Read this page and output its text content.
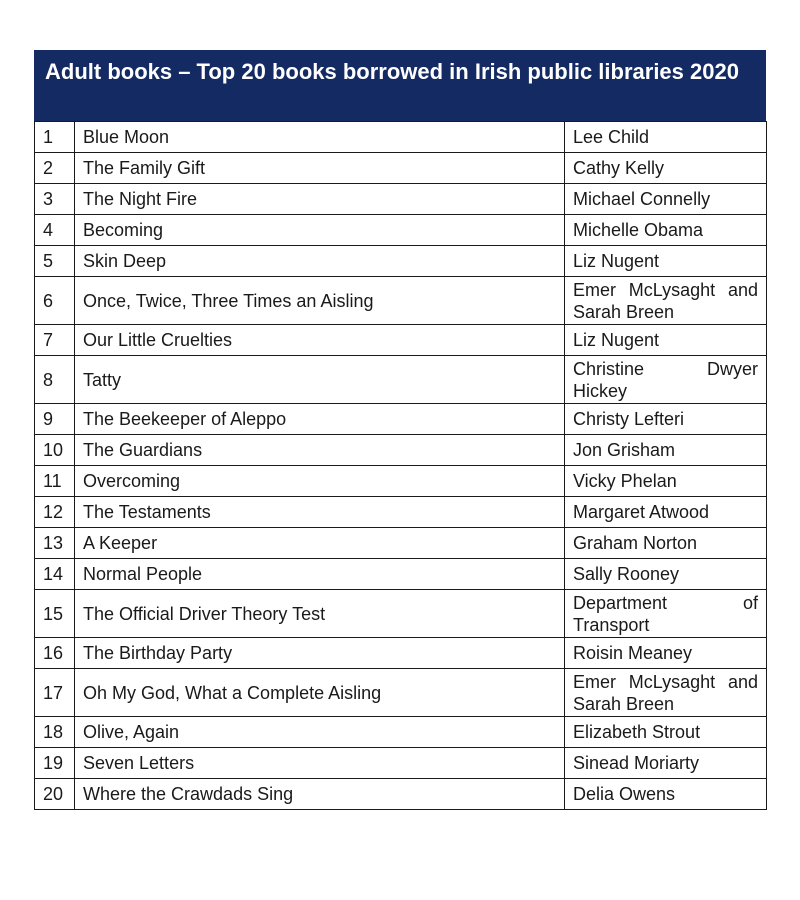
Adult books – Top 20 books borrowed in Irish public libraries 2020
1	Blue Moon	Lee Child
2	The Family Gift	Cathy Kelly
3	The Night Fire	Michael Connelly
4	Becoming	Michelle Obama
5	Skin Deep	Liz Nugent
6	Once, Twice, Three Times an Aisling	Emer McLysaght and Sarah Breen
7	Our Little Cruelties	Liz Nugent
8	Tatty	Christine Dwyer Hickey
9	The Beekeeper of Aleppo	Christy Lefteri
10	The Guardians	Jon Grisham
11	Overcoming	Vicky Phelan
12	The Testaments	Margaret Atwood
13	A Keeper	Graham Norton
14	Normal People	Sally Rooney
15	The Official Driver Theory Test	Department of Transport
16	The Birthday Party	Roisin Meaney
17	Oh My God, What a Complete Aisling	Emer McLysaght and Sarah Breen
18	Olive, Again	Elizabeth Strout
19	Seven Letters	Sinead Moriarty
20	Where the Crawdads Sing	Delia Owens
